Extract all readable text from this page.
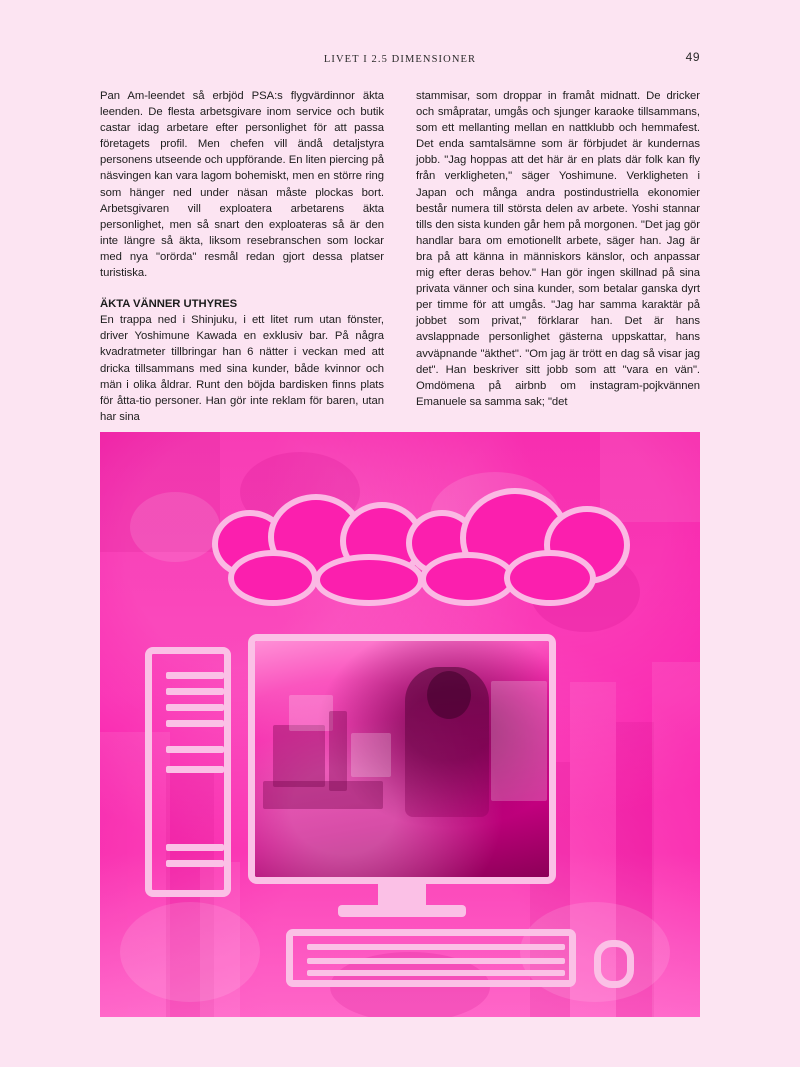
LIVET I 2.5 DIMENSIONER	49

Pan Am-leendet så erbjöd PSA:s flygvärdinnor äkta leenden. De flesta arbetsgivare inom service och butik castar idag arbetare efter personlighet för att passa företagets profil. Men chefen vill ändå detaljstyra personens utseende och uppförande. En liten piercing på näsvingen kan vara lagom bohemiskt, men en större ring som hänger ned under näsan måste plockas bort. Arbetsgivaren vill exploatera arbetarens äkta personlighet, men så snart den exploateras så är den inte längre så äkta, liksom resebranschen som lockar med nya "orörda" resmål redan gjort dessa platser turistiska.

ÄKTA VÄNNER UTHYRES

En trappa ned i Shinjuku, i ett litet rum utan fönster, driver Yoshimune Kawada en exklusiv bar. På några kvadratmeter tillbringar han 6 nätter i veckan med att dricka tillsammans med sina kunder, både kvinnor och män i olika åldrar. Runt den böjda bardisken finns plats för åtta-tio personer. Han gör inte reklam för baren, utan har sina

stammisar, som droppar in framåt midnatt. De dricker och småpratar, umgås och sjunger karaoke tillsammans, som ett mellanting mellan en nattklubb och hemmafest. Det enda samtalsämne som är förbjudet är kundernas jobb. "Jag hoppas att det här är en plats där folk kan fly från verkligheten," säger Yoshimune. Verkligheten i Japan och många andra postindustriella ekonomier består numera till största delen av arbete. Yoshi stannar tills den sista kunden går hem på morgonen. "Det jag gör handlar bara om emotionellt arbete, säger han. Jag är bra på att känna in människors känslor, och anpassar mig efter deras behov." Han gör ingen skillnad på sina privata vänner och sina kunder, som betalar ganska dyrt per timme för att umgås. "Jag har samma karaktär på jobbet som privat," förklarar han. Det är hans avslappnade personlighet gästerna uppskattar, hans avväpnande "äkthet". "Om jag är trött en dag så visar jag det". Han beskriver sitt jobb som att "vara en vän". Omdömena på airbnb om instagram-pojkvännen Emanuele sa samma sak; "det
